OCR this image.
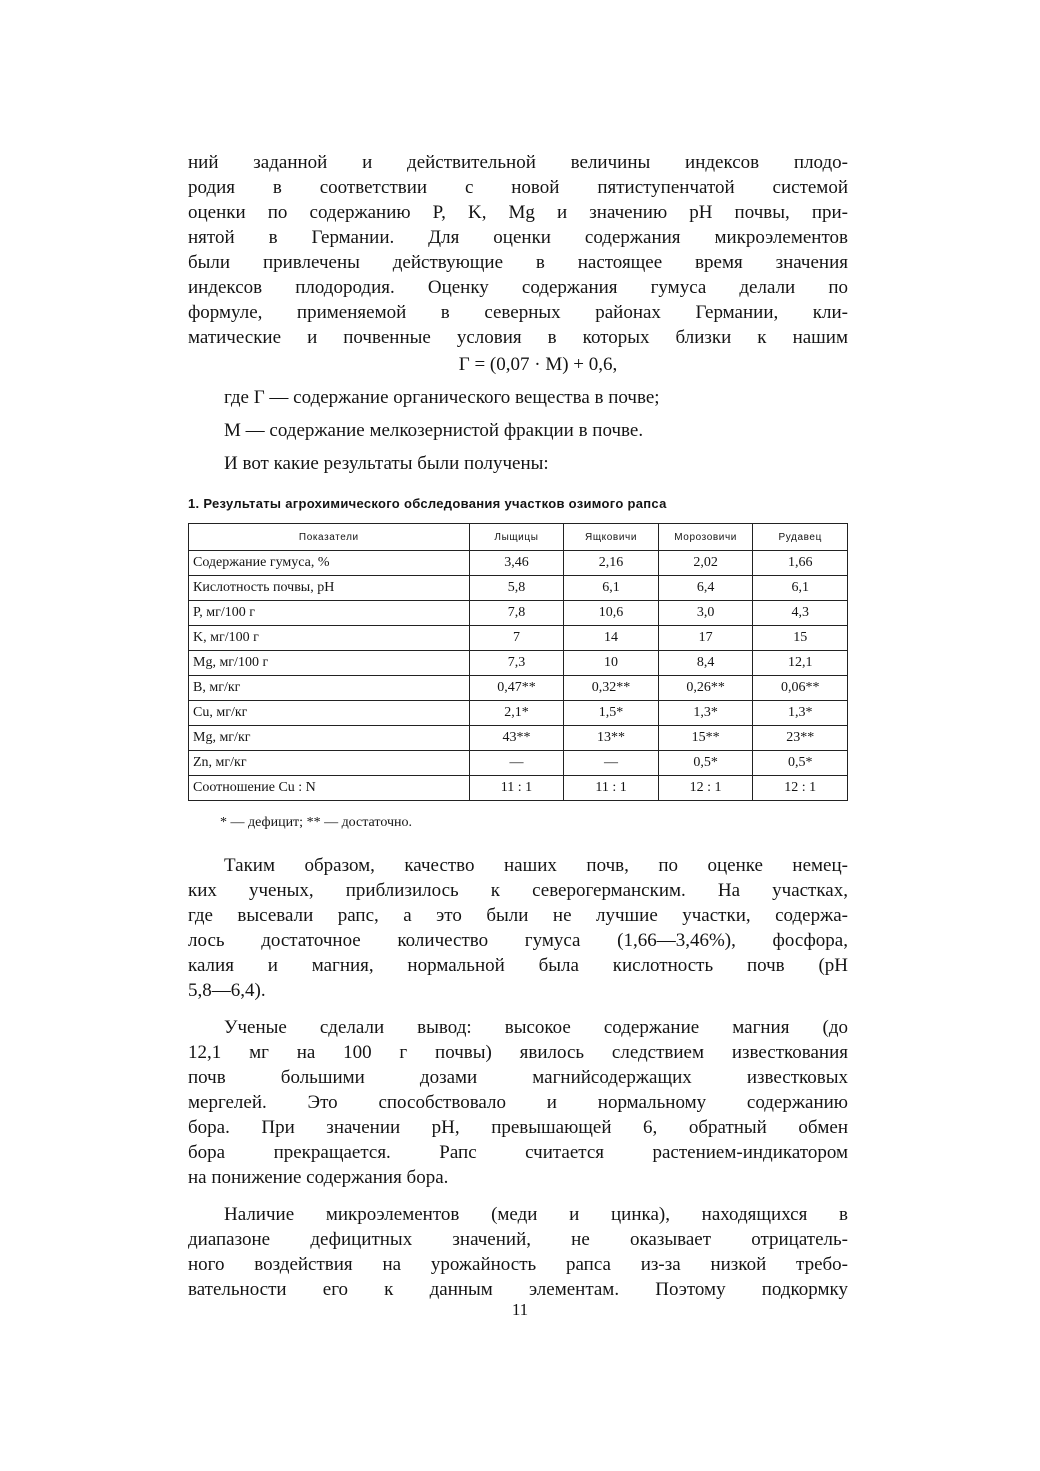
ний заданной и действительной величины индексов плодо-
родия в соответствии с новой пятиступенчатой системой
оценки по содержанию P, K, Mg и значению pH почвы, при-
нятой в Германии. Для оценки содержания микроэлементов
были привлечены действующие в настоящее время значения
индексов плодородия. Оценку содержания гумуса делали по
формуле, применяемой в северных районах Германии, кли-
матические и почвенные условия в которых близки к нашим

Г = (0,07 · М) + 0,6,

где Г — содержание органического вещества в почве;

М — содержание мелкозернистой фракции в почве.

И вот какие результаты были получены:

1. Результаты агрохимического обследования участков озимого рапса
Показатели	Лыщицы	Ящковичи	Морозовичи	Рудавец
Содержание гумуса, %	3,46	2,16	2,02	1,66
Кислотность почвы, pH	5,8	6,1	6,4	6,1
P, мг/100 г	7,8	10,6	3,0	4,3
K, мг/100 г	7	14	17	15
Mg, мг/100 г	7,3	10	8,4	12,1
B, мг/кг	0,47**	0,32**	0,26**	0,06**
Cu, мг/кг	2,1*	1,5*	1,3*	1,3*
Mg, мг/кг	43**	13**	15**	23**
Zn, мг/кг	—	—	0,5*	0,5*
Соотношение Cu : N	11 : 1	11 : 1	12 : 1	12 : 1
* — дефицит; ** — достаточно.

Таким образом, качество наших почв, по оценке немец-
ких ученых, приблизилось к северогерманским. На участках,
где высевали рапс, а это были не лучшие участки, содержа-
лось достаточное количество гумуса (1,66—3,46%), фосфора,
калия и магния, нормальной была кислотность почв (pH
5,8—6,4).

Ученые сделали вывод: высокое содержание магния (до
12,1 мг на 100 г почвы) явилось следствием известкования
почв большими дозами магнийсодержащих известковых
мергелей. Это способствовало и нормальному содержанию
бора. При значении pH, превышающей 6, обратный обмен
бора прекращается. Рапс считается растением-индикатором
на понижение содержания бора.

Наличие микроэлементов (меди и цинка), находящихся в
диапазоне дефицитных значений, не оказывает отрицатель-
ного воздействия на урожайность рапса из-за низкой требо-
вательности его к данным элементам. Поэтому подкормку

11
